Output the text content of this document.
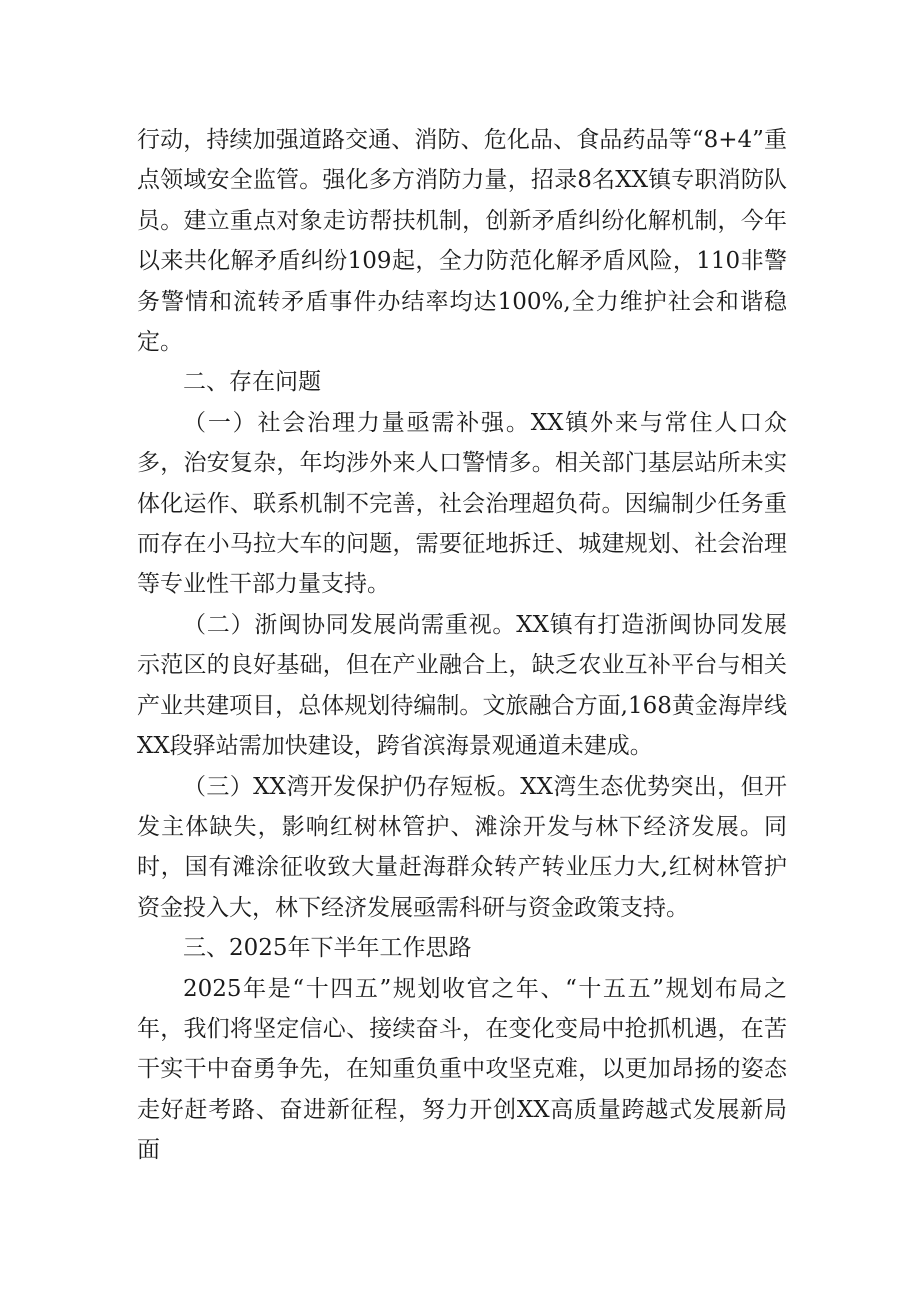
行动，持续加强道路交通、消防、危化品、食品药品等“8+4”重点领域安全监管。强化多方消防力量，招录8名XX镇专职消防队员。建立重点对象走访帮扶机制，创新矛盾纠纷化解机制，今年以来共化解矛盾纠纷109起，全力防范化解矛盾风险，110非警务警情和流转矛盾事件办结率均达100%,全力维护社会和谐稳定。

二、存在问题

（一）社会治理力量亟需补强。XX镇外来与常住人口众多，治安复杂，年均涉外来人口警情多。相关部门基层站所未实体化运作、联系机制不完善，社会治理超负荷。因编制少任务重而存在小马拉大车的问题，需要征地拆迁、城建规划、社会治理等专业性干部力量支持。

（二）浙闽协同发展尚需重视。XX镇有打造浙闽协同发展示范区的良好基础，但在产业融合上，缺乏农业互补平台与相关产业共建项目，总体规划待编制。文旅融合方面,168黄金海岸线XX段驿站需加快建设，跨省滨海景观通道未建成。

（三）XX湾开发保护仍存短板。XX湾生态优势突出，但开发主体缺失，影响红树林管护、滩涂开发与林下经济发展。同时，国有滩涂征收致大量赶海群众转产转业压力大,红树林管护资金投入大，林下经济发展亟需科研与资金政策支持。

三、2025年下半年工作思路

2025年是“十四五”规划收官之年、“十五五”规划布局之年，我们将坚定信心、接续奋斗，在变化变局中抢抓机遇，在苦干实干中奋勇争先，在知重负重中攻坚克难，以更加昂扬的姿态走好赶考路、奋进新征程，努力开创XX高质量跨越式发展新局面
